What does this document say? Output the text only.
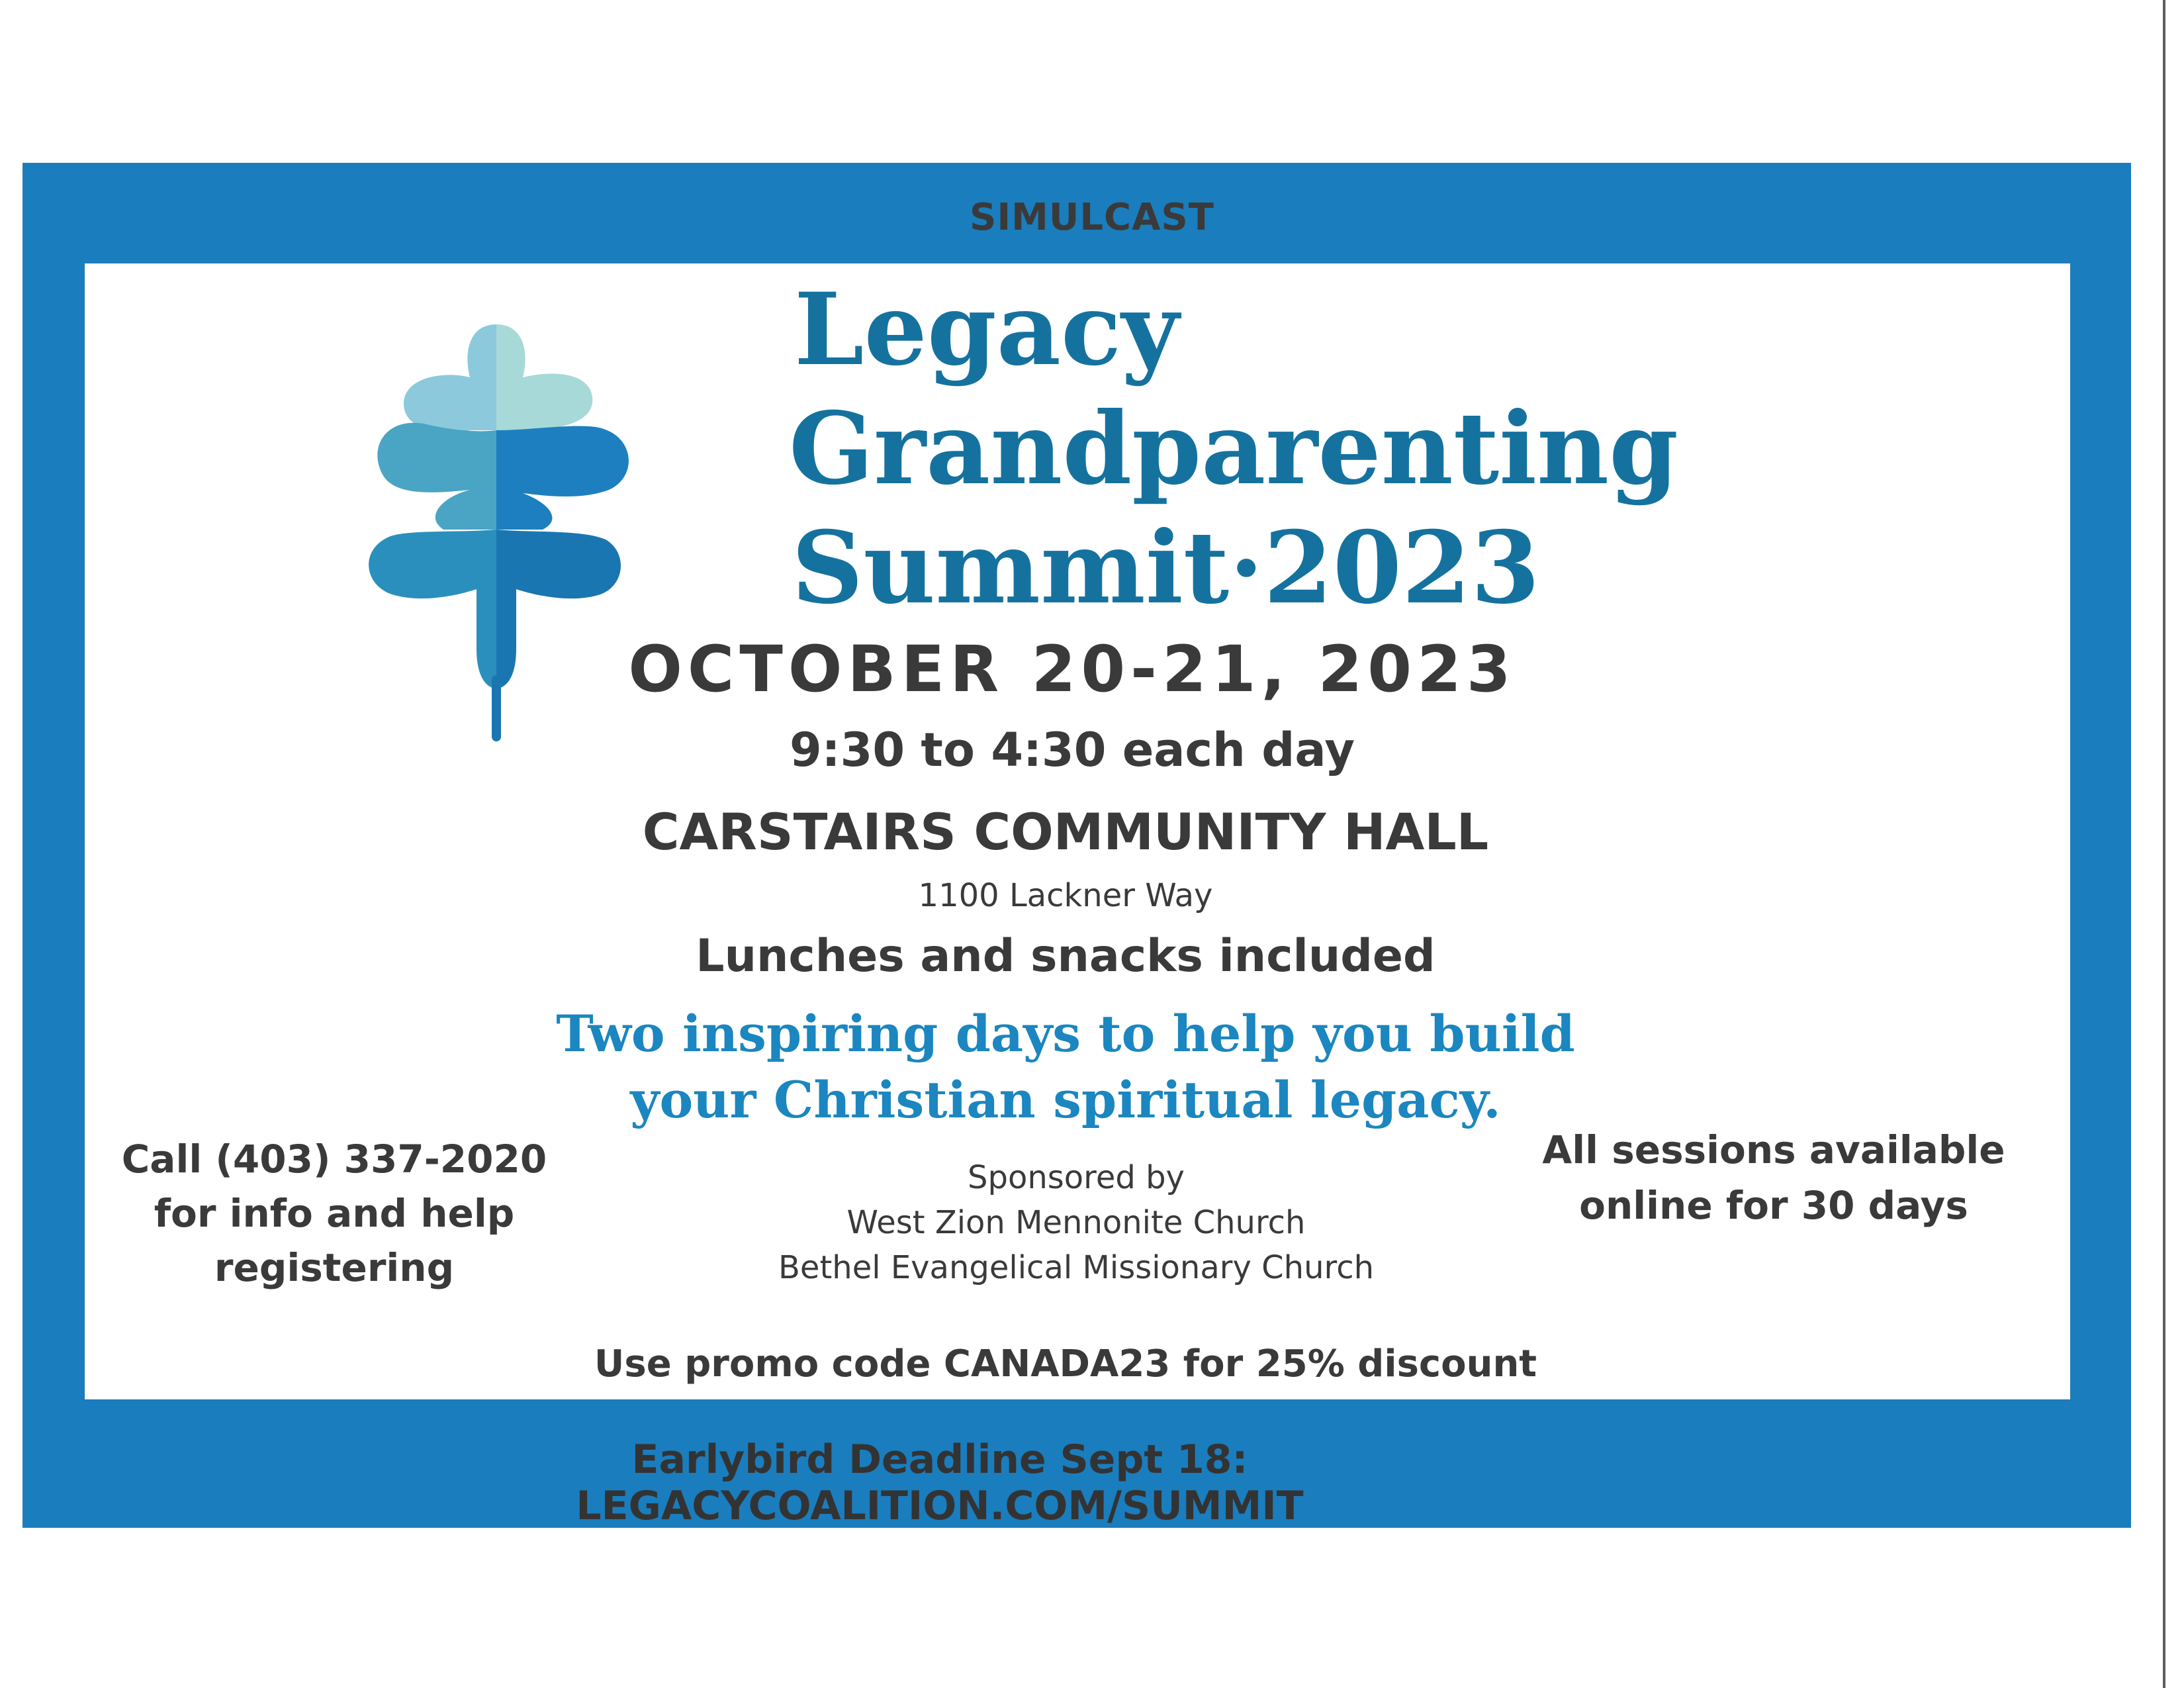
SIMULCAST
Legacy
Grandparenting
Summit·2023
OCTOBER 20-21, 2023
9:30 to 4:30 each day
CARSTAIRS COMMUNITY HALL
1100 Lackner Way
Lunches and snacks included
Two inspiring days to help you build
your Christian spiritual legacy.
Sponsored by
West Zion Mennonite Church
Bethel Evangelical Missionary Church
Call (403) 337-2020
for info and help
registering
All sessions available
online for 30 days
Use promo code CANADA23 for 25% discount
Earlybird Deadline Sept 18: LEGACYCOALITION.COM/SUMMIT
